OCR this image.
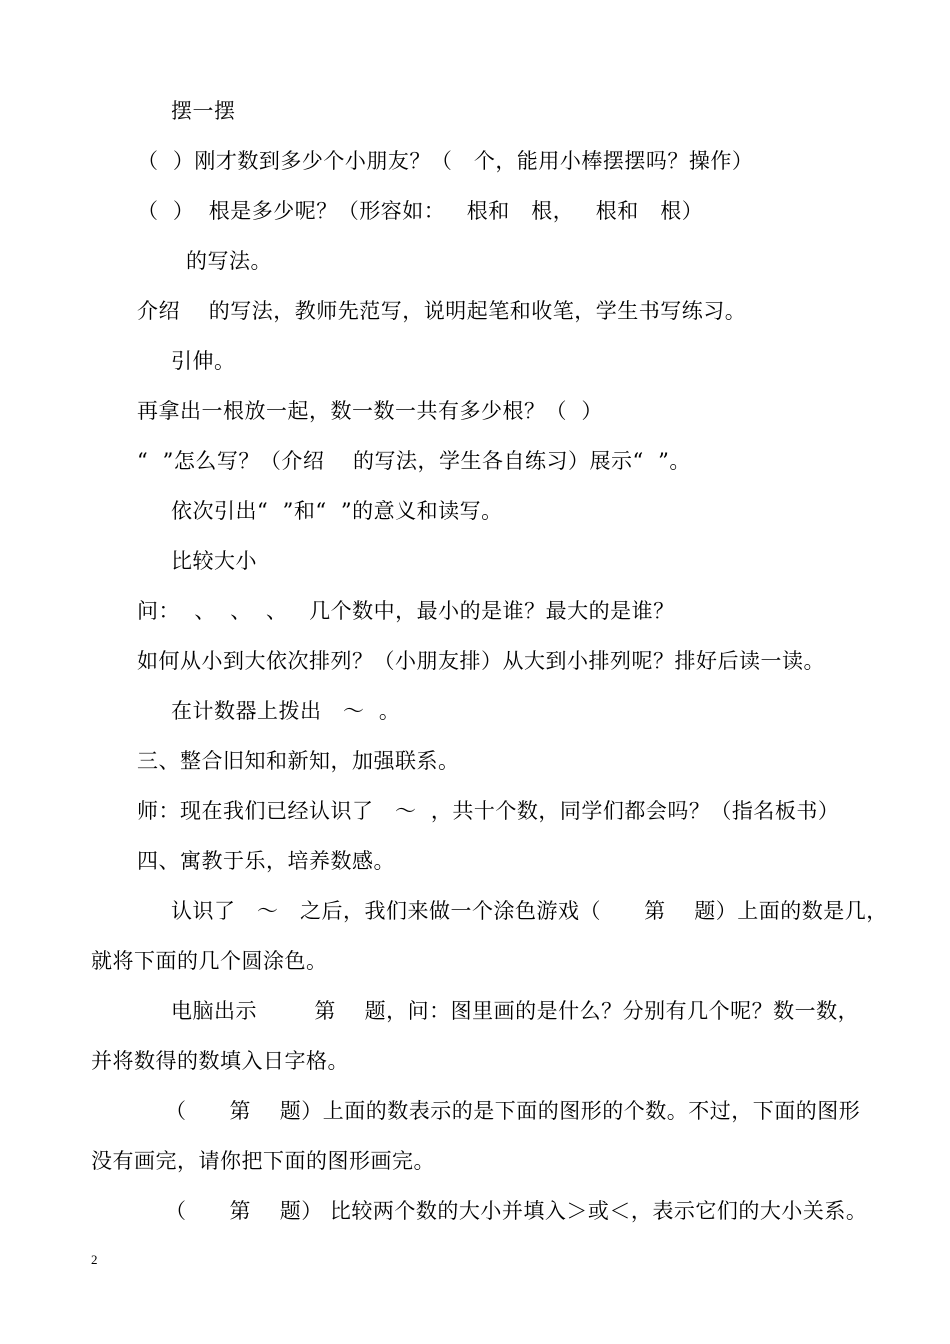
摆一摆
（  ）刚才数到多少个小朋友？（   个，能用小棒摆摆吗？操作）
（  ）  根是多少呢？（形容如：   根和   根，   根和   根）
的写法。
介绍    的写法，教师先范写，说明起笔和收笔，学生书写练习。
引伸。
再拿出一根放一起，数一数一共有多少根？（  ）
“  ”怎么写？（介绍    的写法，学生各自练习）展示“  ”。
依次引出“  ”和“  ”的意义和读写。
比较大小
问：  、  、  、   几个数中，最小的是谁？最大的是谁？
如何从小到大依次排列？（小朋友排）从大到小排列呢？排好后读一读。
在计数器上拨出   ～  。
三、整合旧知和新知，加强联系。
师：现在我们已经认识了   ～  ，共十个数，同学们都会吗？（指名板书）
四、寓教于乐，培养数感。
认识了   ～   之后，我们来做一个涂色游戏（      第    题）上面的数是几，
就将下面的几个圆涂色。
电脑出示        第    题，问：图里画的是什么？分别有几个呢？数一数，
并将数得的数填入日字格。
（      第    题）上面的数表示的是下面的图形的个数。不过，下面的图形
没有画完，请你把下面的图形画完。
（      第    题） 比较两个数的大小并填入＞或＜，表示它们的大小关系。
2
